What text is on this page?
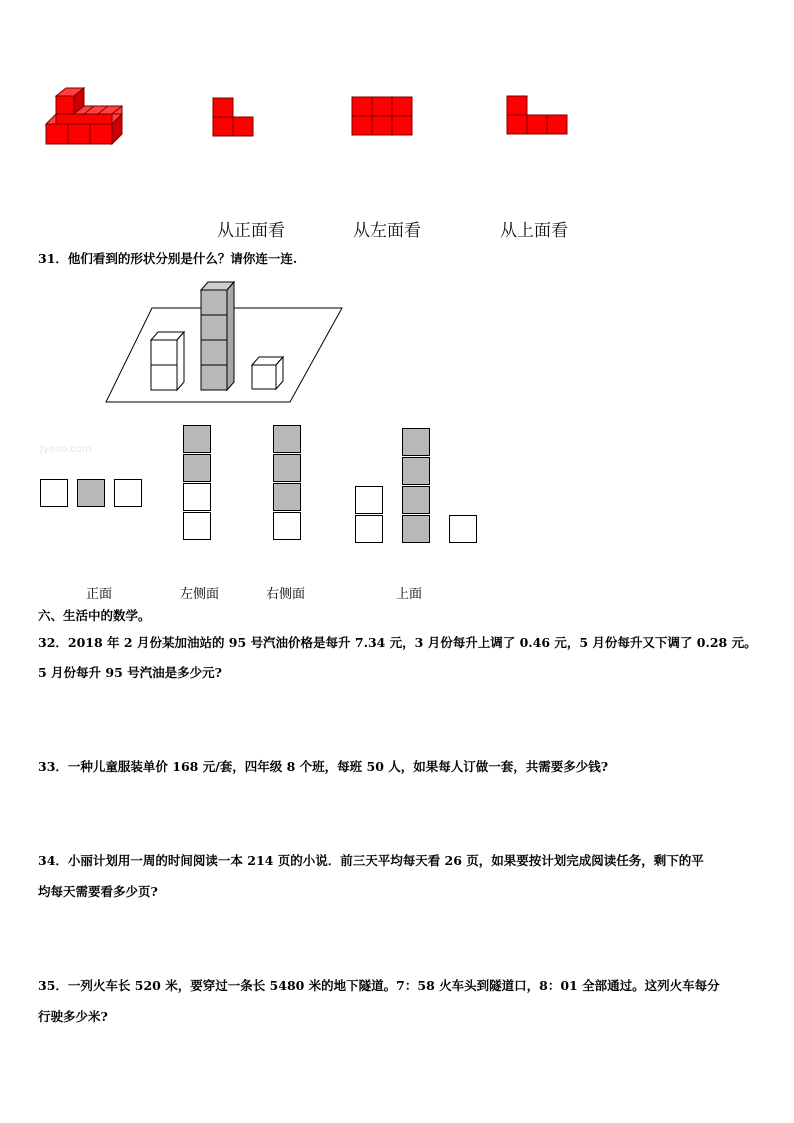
从正面看	从左面看	从上面看
31．他们看到的形状分别是什么？请你连一连.
Jyeoo.com
正面	左侧面	右侧面	上面
六、生活中的数学。
32．2018 年 2 月份某加油站的 95 号汽油价格是每升 7.34 元，3 月份每升上调了 0.46 元，5 月份每升又下调了 0.28 元。
5 月份每升 95 号汽油是多少元?
33．一种儿童服装单价 168 元/套，四年级 8 个班，每班 50 人，如果每人订做一套，共需要多少钱?
34．小丽计划用一周的时间阅读一本 214 页的小说．前三天平均每天看 26 页，如果要按计划完成阅读任务，剩下的平
均每天需要看多少页?
35．一列火车长 520 米，要穿过一条长 5480 米的地下隧道。7：58 火车头到隧道口，8：01 全部通过。这列火车每分
行驶多少米?
